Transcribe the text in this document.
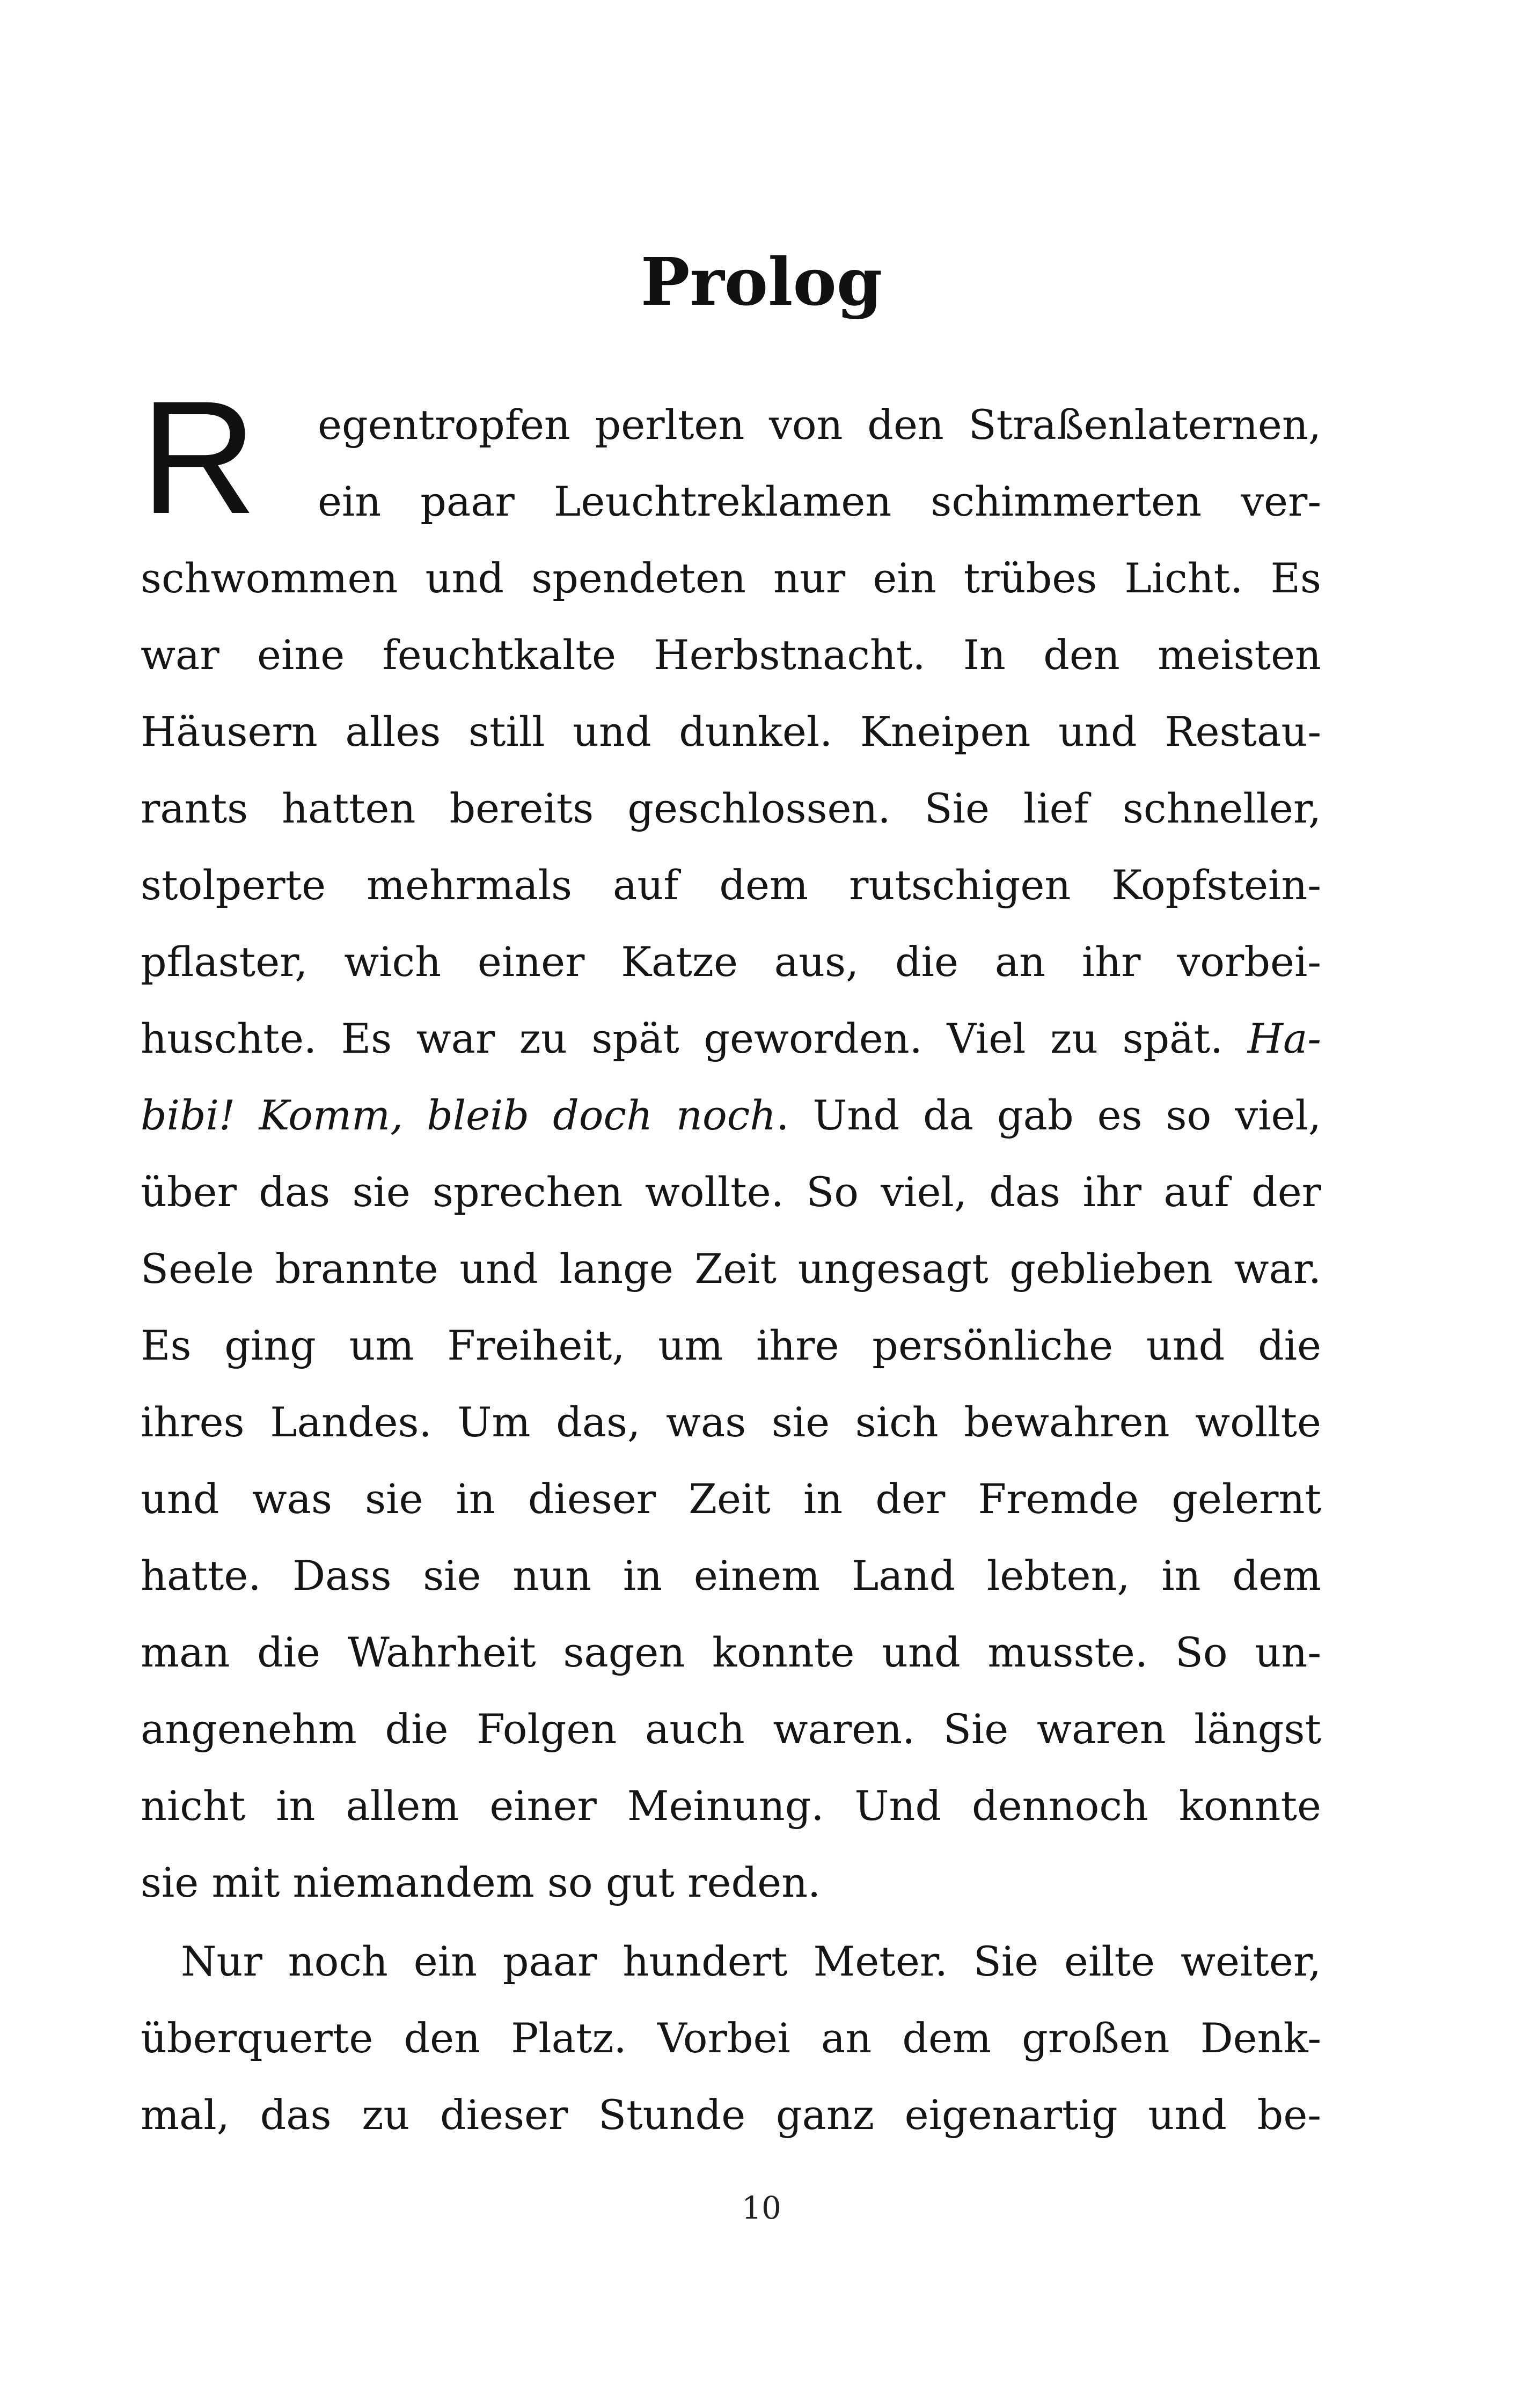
Prolog
R	egentropfen perlten von den Straßenlaternen,
ein paar Leuchtreklamen schimmerten ver-
schwommen und spendeten nur ein trübes Licht. Es
war eine feuchtkalte Herbstnacht. In den meisten
Häusern alles still und dunkel. Kneipen und Restau-
rants hatten bereits geschlossen. Sie lief schneller,
stolperte mehrmals auf dem rutschigen Kopfstein-
pflaster, wich einer Katze aus, die an ihr vorbei-
huschte. Es war zu spät geworden. Viel zu spät. Ha-
bibi! Komm, bleib doch noch. Und da gab es so viel,
über das sie sprechen wollte. So viel, das ihr auf der
Seele brannte und lange Zeit ungesagt geblieben war.
Es ging um Freiheit, um ihre persönliche und die
ihres Landes. Um das, was sie sich bewahren wollte
und was sie in dieser Zeit in der Fremde gelernt
hatte. Dass sie nun in einem Land lebten, in dem
man die Wahrheit sagen konnte und musste. So un-
angenehm die Folgen auch waren. Sie waren längst
nicht in allem einer Meinung. Und dennoch konnte
sie mit niemandem so gut reden.
Nur noch ein paar hundert Meter. Sie eilte weiter,
überquerte den Platz. Vorbei an dem großen Denk-
mal, das zu dieser Stunde ganz eigenartig und be-
10
